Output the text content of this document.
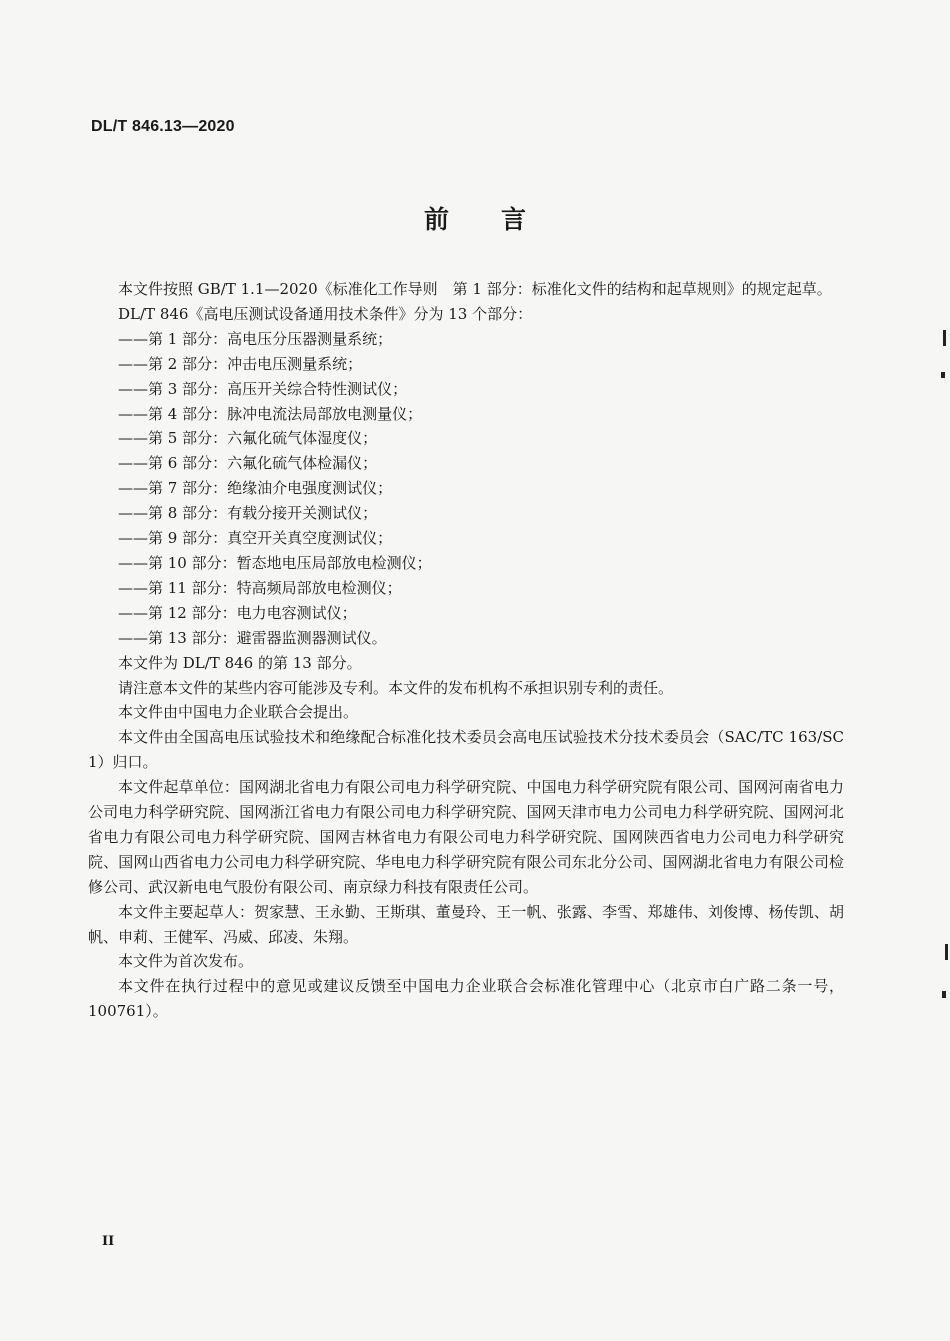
DL/T 846.13—2020
前 言

本文件按照 GB/T 1.1—2020《标准化工作导则　第 1 部分：标准化文件的结构和起草规则》的规定起草。

DL/T 846《高电压测试设备通用技术条件》分为 13 个部分：

——第 1 部分：高电压分压器测量系统；

——第 2 部分：冲击电压测量系统；

——第 3 部分：高压开关综合特性测试仪；

——第 4 部分：脉冲电流法局部放电测量仪；

——第 5 部分：六氟化硫气体湿度仪；

——第 6 部分：六氟化硫气体检漏仪；

——第 7 部分：绝缘油介电强度测试仪；

——第 8 部分：有载分接开关测试仪；

——第 9 部分：真空开关真空度测试仪；

——第 10 部分：暂态地电压局部放电检测仪；

——第 11 部分：特高频局部放电检测仪；

——第 12 部分：电力电容测试仪；

——第 13 部分：避雷器监测器测试仪。

本文件为 DL/T 846 的第 13 部分。

请注意本文件的某些内容可能涉及专利。本文件的发布机构不承担识别专利的责任。

本文件由中国电力企业联合会提出。

本文件由全国高电压试验技术和绝缘配合标准化技术委员会高电压试验技术分技术委员会（SAC/TC 163/SC 1）归口。

本文件起草单位：国网湖北省电力有限公司电力科学研究院、中国电力科学研究院有限公司、国网河南省电力公司电力科学研究院、国网浙江省电力有限公司电力科学研究院、国网天津市电力公司电力科学研究院、国网河北省电力有限公司电力科学研究院、国网吉林省电力有限公司电力科学研究院、国网陕西省电力公司电力科学研究院、国网山西省电力公司电力科学研究院、华电电力科学研究院有限公司东北分公司、国网湖北省电力有限公司检修公司、武汉新电电气股份有限公司、南京绿力科技有限责任公司。

本文件主要起草人：贺家慧、王永勤、王斯琪、董曼玲、王一帆、张露、李雪、郑雄伟、刘俊博、杨传凯、胡帆、申莉、王健军、冯威、邱凌、朱翔。

本文件为首次发布。

本文件在执行过程中的意见或建议反馈至中国电力企业联合会标准化管理中心（北京市白广路二条一号，100761）。

II
